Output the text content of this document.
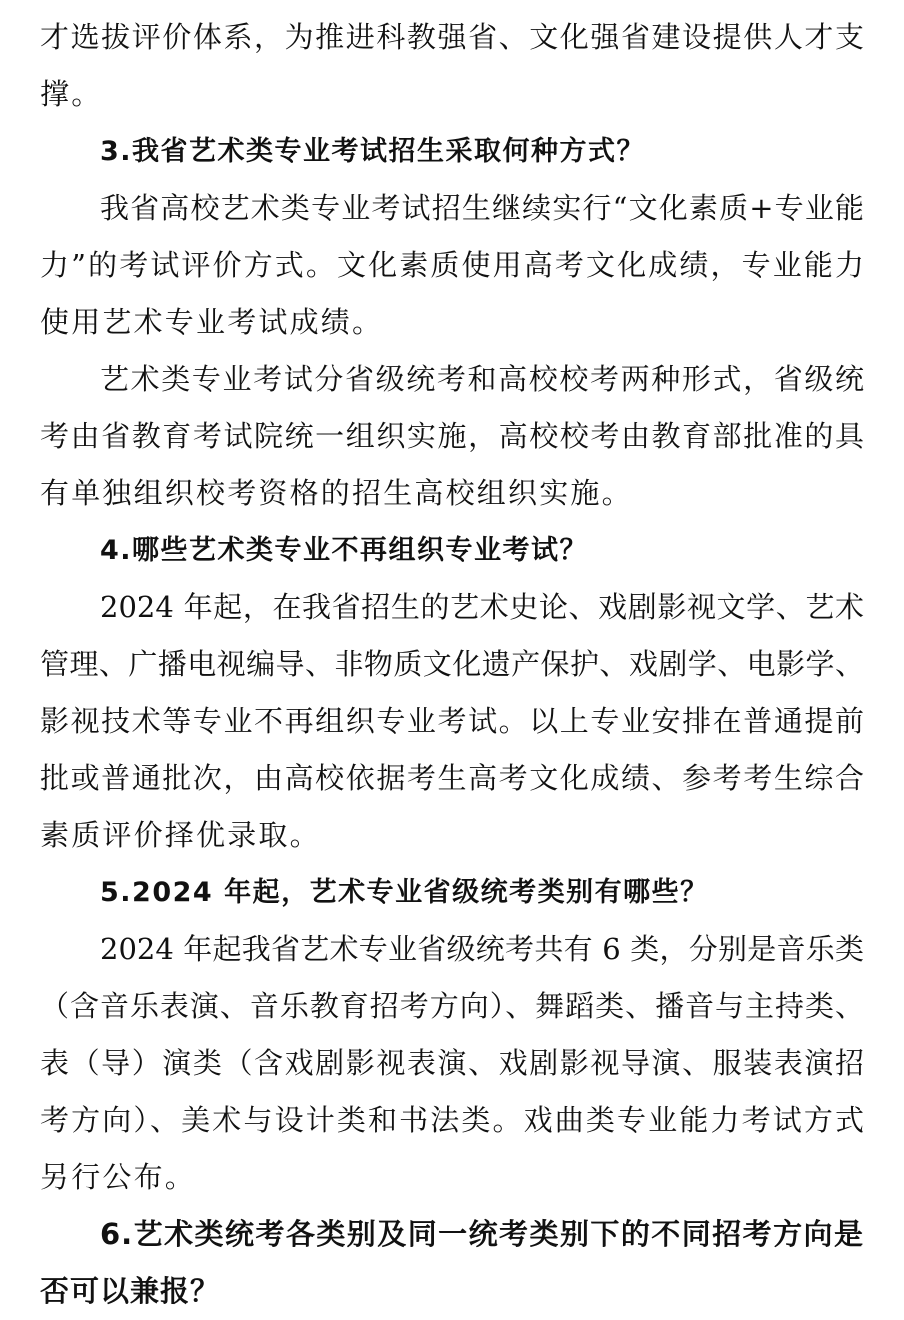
才选拔评价体系，为推进科教强省、文化强省建设提供人才支
撑。
3.我省艺术类专业考试招生采取何种方式？
我省高校艺术类专业考试招生继续实行“文化素质+专业能
力”的考试评价方式。文化素质使用高考文化成绩，专业能力
使用艺术专业考试成绩。
艺术类专业考试分省级统考和高校校考两种形式，省级统
考由省教育考试院统一组织实施，高校校考由教育部批准的具
有单独组织校考资格的招生高校组织实施。
4.哪些艺术类专业不再组织专业考试？
2024 年起，在我省招生的艺术史论、戏剧影视文学、艺术
管理、广播电视编导、非物质文化遗产保护、戏剧学、电影学、
影视技术等专业不再组织专业考试。以上专业安排在普通提前
批或普通批次，由高校依据考生高考文化成绩、参考考生综合
素质评价择优录取。
5.2024 年起，艺术专业省级统考类别有哪些？
2024 年起我省艺术专业省级统考共有 6 类，分别是音乐类
（含音乐表演、音乐教育招考方向）、舞蹈类、播音与主持类、
表（导）演类（含戏剧影视表演、戏剧影视导演、服装表演招
考方向）、美术与设计类和书法类。戏曲类专业能力考试方式
另行公布。
6.艺术类统考各类别及同一统考类别下的不同招考方向是
否可以兼报？
